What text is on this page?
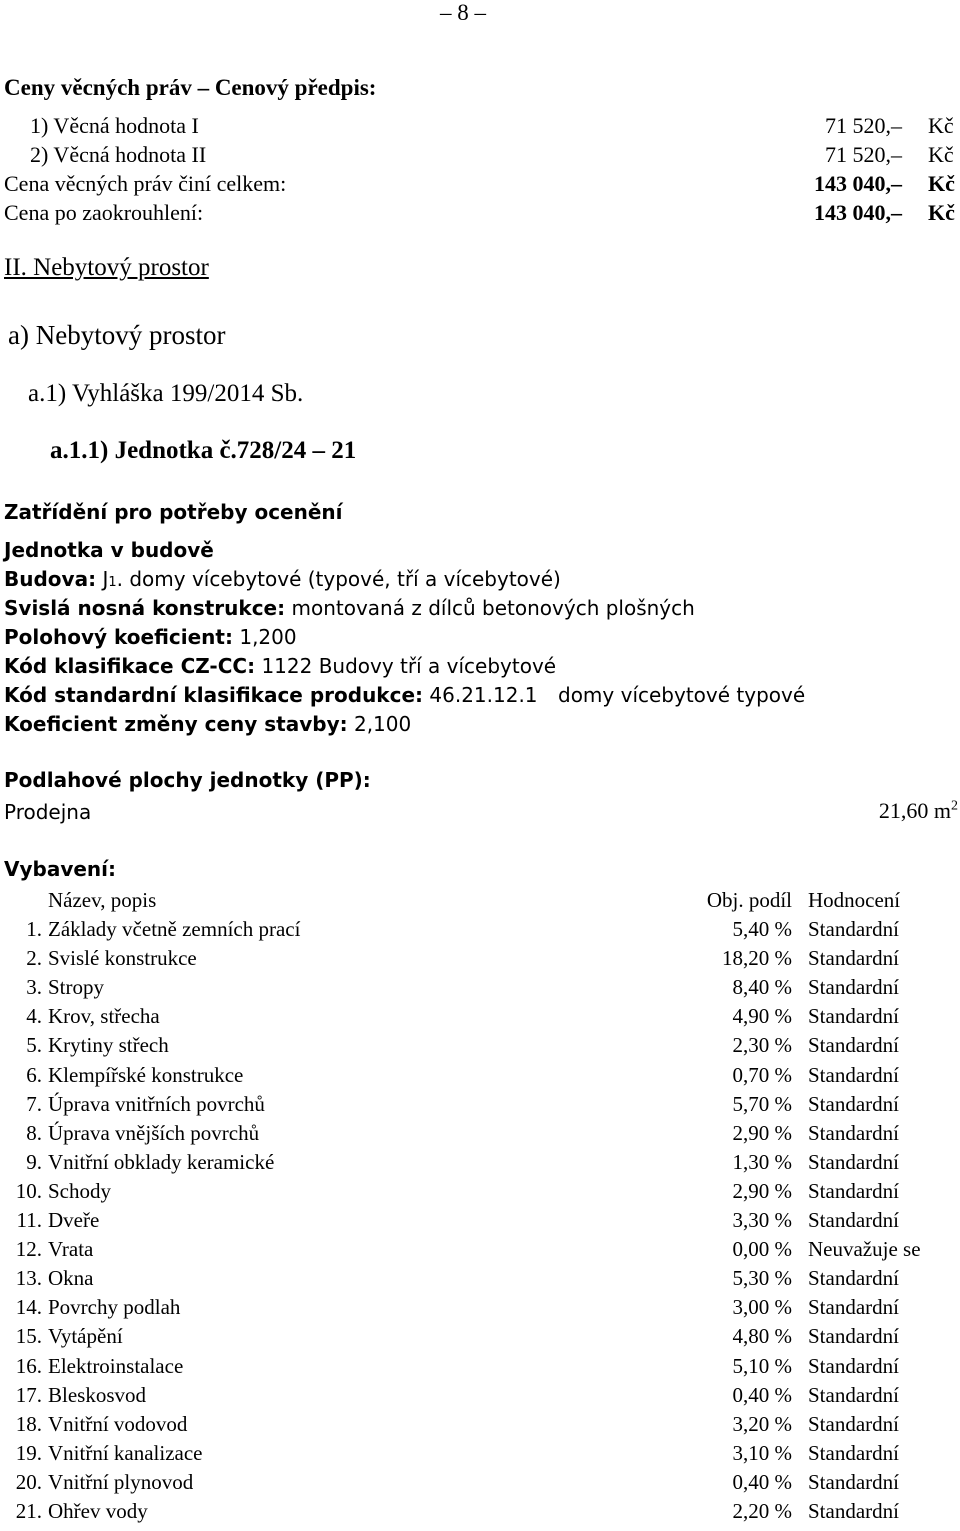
– 8 –
Ceny věcných práv – Cenový předpis:
1) Věcná hodnota I	71 520,– Kč
2) Věcná hodnota II	71 520,– Kč
Cena věcných práv činí celkem:	143 040,– Kč
Cena po zaokrouhlení:	143 040,– Kč
II. Nebytový prostor
a) Nebytový prostor
a.1) Vyhláška 199/2014 Sb.
a.1.1) Jednotka č.728/24 – 21
Zatřídění pro potřeby ocenění
Jednotka v budově
Budova: J1. domy vícebytové (typové, tří a vícebytové)
Svislá nosná konstrukce: montovaná z dílců betonových plošných
Polohový koeficient: 1,200
Kód klasifikace CZ-CC: 1122 Budovy tří a vícebytové
Kód standardní klasifikace produkce: 46.21.12.1 domy vícebytové typové
Koeficient změny ceny stavby: 2,100
Podlahové plochy jednotky (PP):
Prodejna	21,60 $m^2$
Vybavení:
Název, popis	Obj. podíl Hodnocení
1. Základy včetně zemních prací	5,40 % Standardní
2. Svislé konstrukce	18,20 % Standardní
3. Stropy	8,40 % Standardní
4. Krov, střecha	4,90 % Standardní
5. Krytiny střech	2,30 % Standardní
6. Klempířské konstrukce	0,70 % Standardní
7. Úprava vnitřních povrchů	5,70 % Standardní
8. Úprava vnějších povrchů	2,90 % Standardní
9. Vnitřní obklady keramické	1,30 % Standardní
10. Schody	2,90 % Standardní
11. Dveře	3,30 % Standardní
12. Vrata	0,00 % Neuvažuje se
13. Okna	5,30 % Standardní
14. Povrchy podlah	3,00 % Standardní
15. Vytápění	4,80 % Standardní
16. Elektroinstalace	5,10 % Standardní
17. Bleskosvod	0,40 % Standardní
18. Vnitřní vodovod	3,20 % Standardní
19. Vnitřní kanalizace	3,10 % Standardní
20. Vnitřní plynovod	0,40 % Standardní
21. Ohřev vody	2,20 % Standardní
